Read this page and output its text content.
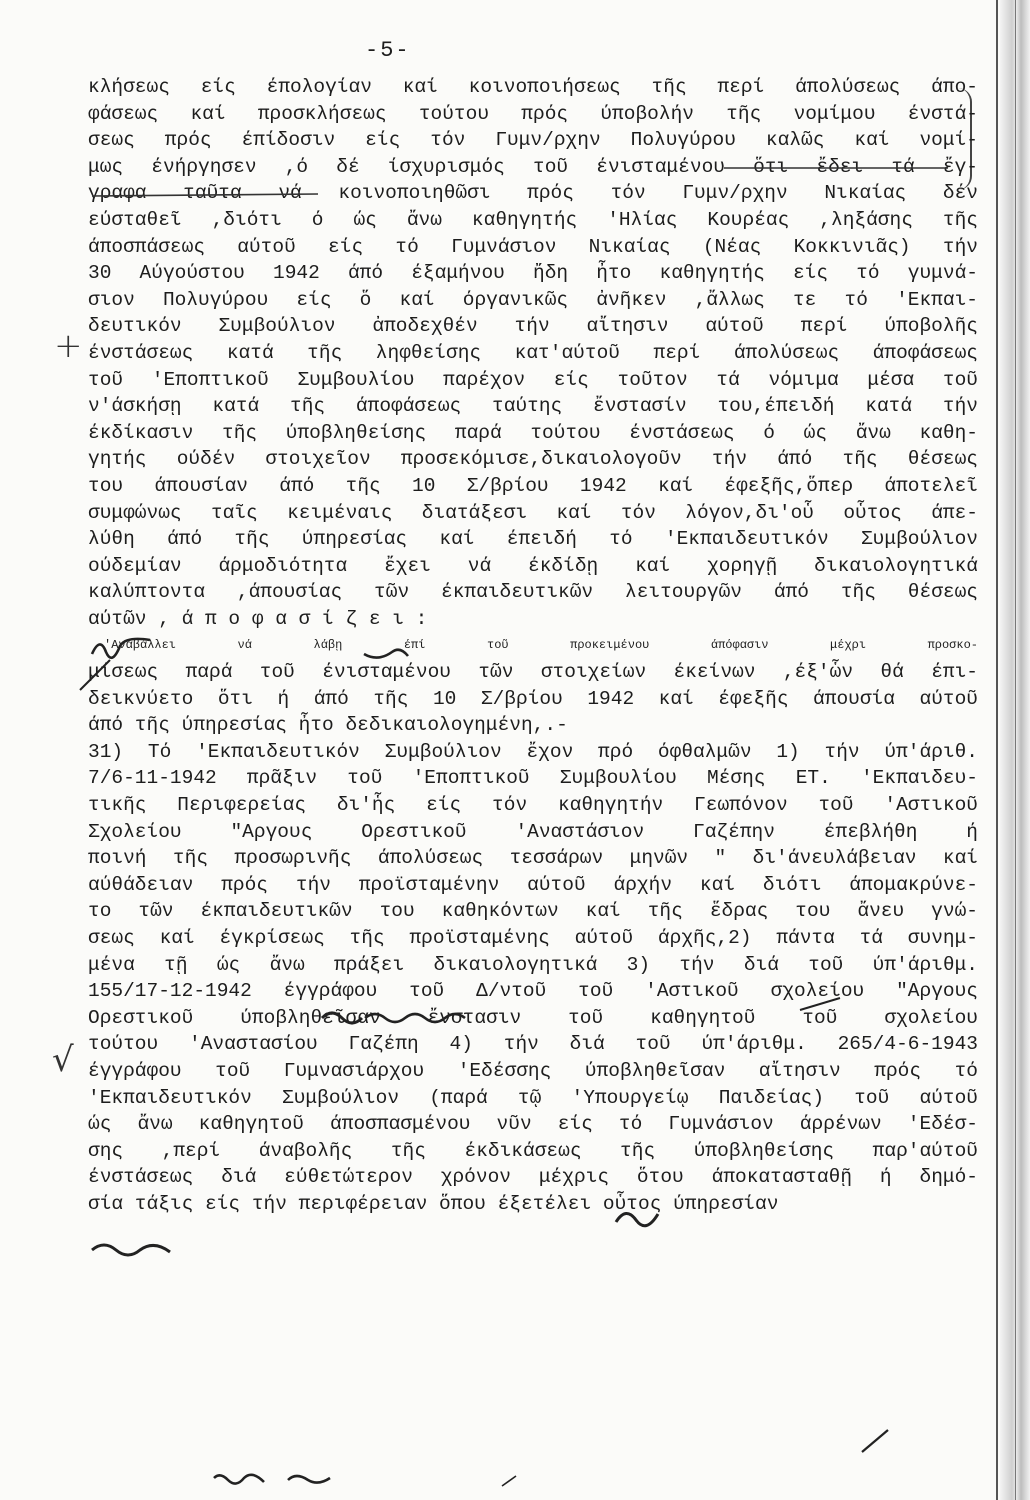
-5-
+
√
κλήσεως είς έπολογίαν καί κοινοποιήσεως τῆς περί άπολύσεως άπο-
φάσεως καί προσκλήσεως τούτου πρός ύποβολήν τῆς νομίμου ένστά-
σεως πρός έπίδοσιν είς τόν Γυμν/ρχην Πολυγύρου καλῶς καί νομί-
μως ένήργησεν ,ό δέ ίσχυρισμός τοῦ ένισταμένου ὅτι ἔδει τά ἔγ-
γραφα ταῦτα νά κοινοποιηθῶσι πρός τόν Γυμν/ρχην Νικαίας δέν
εύσταθεῖ ,διότι ό ώς ἄνω καθηγητής 'Ηλίας Κουρέας ,ληξάσης τῆς
άποσπάσεως αύτοῦ είς τό Γυμνάσιον Νικαίας (Νέας Κοκκινιᾶς) τήν
30 Αύγούστου 1942 άπό έξαμήνου ἤδη ἦτο καθηγητής είς τό γυμνά-
σιον Πολυγύρου είς ὅ καί όργανικῶς ἀνῆκεν ,ἄλλως τε τό 'Εκπαι-
δευτικόν Συμβούλιον ἀποδεχθέν τήν αἴτησιν αύτοῦ περί ύποβολῆς
ένστάσεως κατά τῆς ληφθείσης κατ'αύτοῦ περί άπολύσεως άποφάσεως
τοῦ 'Εποπτικοῦ Συμβουλίου παρέχον είς τοῦτον τά νόμιμα μέσα τοῦ
ν'άσκήσῃ κατά τῆς άποφάσεως ταύτης ἔνστασίν του,έπειδή κατά τήν
έκδίκασιν τῆς ύποβληθείσης παρά τούτου ένστάσεως ό ώς ἄνω καθη-
γητής ούδέν στοιχεῖον προσεκόμισε,δικαιολογοῦν τήν άπό τῆς θέσεως
του άπουσίαν άπό τῆς 10 Σ/βρίου 1942 καί έφεξῆς,ὅπερ άποτελεῖ
συμφώνως ταῖς κειμέναις διατάξεσι καί τόν λόγον,δι'οὗ οὗτος άπε-
λύθη άπό τῆς ύπηρεσίας καί έπειδή τό 'Εκπαιδευτικόν Συμβούλιον
ούδεμίαν άρμοδιότητα ἔχει νά έκδίδῃ καί χορηγῇ δικαιολογητικά
καλύπτοντα ,άπουσίας τῶν έκπαιδευτικῶν λειτουργῶν άπό τῆς θέσεως
αύτῶν , ά π ο φ α σ ί ζ ε ι :
'Αναβάλλει νά λάβῃ έπί τοῦ προκειμένου άπόφασιν μέχρι προσκο-
μίσεως παρά τοῦ ένισταμένου τῶν στοιχείων έκείνων ,έξ'ὧν θά έπι-
δεικνύετο ὅτι ή άπό τῆς 10 Σ/βρίου 1942 καί έφεξῆς άπουσία αύτοῦ
άπό τῆς ύπηρεσίας ἦτο δεδικαιολογημένη,.-
31) Τό 'Εκπαιδευτικόν Συμβούλιον ἔχον πρό όφθαλμῶν 1) τήν ύπ'άριθ.
7/6-11-1942 πρᾶξιν τοῦ 'Εποπτικοῦ Συμβουλίου Μέσης ΕΤ. 'Εκπαιδευ-
τικῆς Περιφερείας δι'ἧς είς τόν καθηγητήν Γεωπόνον τοῦ 'Αστικοῦ
Σχολείου "Αργους Ορεστικοῦ 'Αναστάσιον Γαζέπην έπεβλήθη ή
ποινή τῆς προσωρινῆς άπολύσεως τεσσάρων μηνῶν " δι'άνευλάβειαν καί
αύθάδειαν πρός τήν προϊσταμένην αύτοῦ άρχήν καί διότι άπομακρύνε-
το τῶν έκπαιδευτικῶν του καθηκόντων καί τῆς ἕδρας του ἄνευ γνώ-
σεως καί έγκρίσεως τῆς προϊσταμένης αύτοῦ άρχῆς,2) πάντα τά συνημ-
μένα τῇ ώς ἄνω πράξει δικαιολογητικά 3) τήν διά τοῦ ύπ'άριθμ.
155/17-12-1942 έγγράφου τοῦ Δ/ντοῦ τοῦ 'Αστικοῦ σχολείου "Αργους
Ορεστικοῦ ύποβληθεῖσαν ἔνστασιν τοῦ καθηγητοῦ τοῦ σχολείου
τούτου 'Αναστασίου Γαζέπη 4) τήν διά τοῦ ύπ'άριθμ. 265/4-6-1943
έγγράφου τοῦ Γυμνασιάρχου 'Εδέσσης ύποβληθεῖσαν αἴτησιν πρός τό
'Εκπαιδευτικόν Συμβούλιον (παρά τῷ 'Υπουργείῳ Παιδείας) τοῦ αύτοῦ
ώς ἄνω καθηγητοῦ άποσπασμένου νῦν είς τό Γυμνάσιον άρρένων 'Εδέσ-
σης ,περί άναβολῆς τῆς έκδικάσεως τῆς ύποβληθείσης παρ'αύτοῦ
ένστάσεως διά εύθετώτερον χρόνον μέχρις ὅτου άποκατασταθῇ ή δημό-
σία τάξις είς τήν περιφέρειαν ὅπου έξετέλει οὗτος ύπηρεσίαν
